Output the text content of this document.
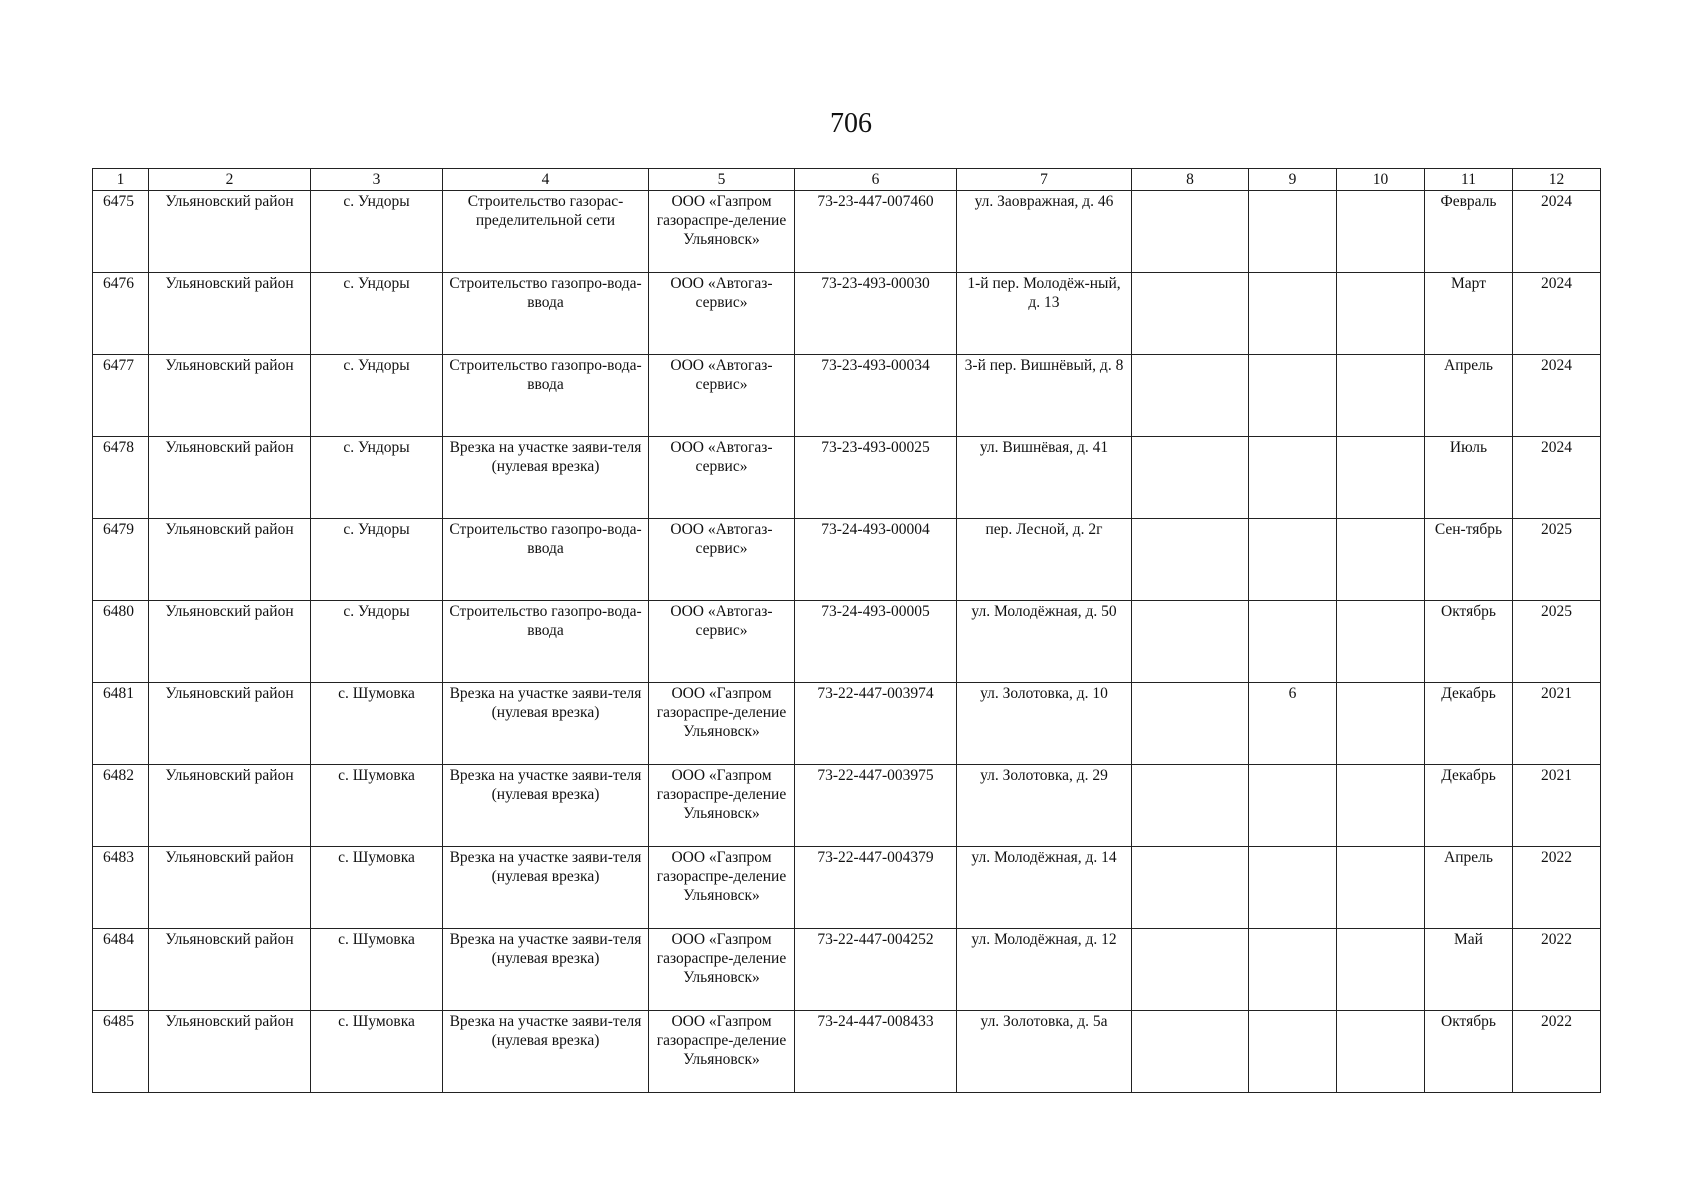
706
1	2	3	4	5	6	7	8	9	10	11	12
6475	Ульяновский район	с. Ундоры	Строительство газорас-пределительной сети	ООО «Газпром газораспре-деление Ульяновск»	73-23-447-007460	ул. Заовражная, д. 46				Февраль	2024
6476	Ульяновский район	с. Ундоры	Строительство газопро-вода-ввода	ООО «Автогаз-сервис»	73-23-493-00030	1-й пер. Молодёж-ный, д. 13				Март	2024
6477	Ульяновский район	с. Ундоры	Строительство газопро-вода-ввода	ООО «Автогаз-сервис»	73-23-493-00034	3-й пер. Вишнёвый, д. 8				Апрель	2024
6478	Ульяновский район	с. Ундоры	Врезка на участке заяви-теля (нулевая врезка)	ООО «Автогаз-сервис»	73-23-493-00025	ул. Вишнёвая, д. 41				Июль	2024
6479	Ульяновский район	с. Ундоры	Строительство газопро-вода-ввода	ООО «Автогаз-сервис»	73-24-493-00004	пер. Лесной, д. 2г				Сен-тябрь	2025
6480	Ульяновский район	с. Ундоры	Строительство газопро-вода-ввода	ООО «Автогаз-сервис»	73-24-493-00005	ул. Молодёжная, д. 50				Октябрь	2025
6481	Ульяновский район	с. Шумовка	Врезка на участке заяви-теля (нулевая врезка)	ООО «Газпром газораспре-деление Ульяновск»	73-22-447-003974	ул. Золотовка, д. 10		6		Декабрь	2021
6482	Ульяновский район	с. Шумовка	Врезка на участке заяви-теля (нулевая врезка)	ООО «Газпром газораспре-деление Ульяновск»	73-22-447-003975	ул. Золотовка, д. 29				Декабрь	2021
6483	Ульяновский район	с. Шумовка	Врезка на участке заяви-теля (нулевая врезка)	ООО «Газпром газораспре-деление Ульяновск»	73-22-447-004379	ул. Молодёжная, д. 14				Апрель	2022
6484	Ульяновский район	с. Шумовка	Врезка на участке заяви-теля (нулевая врезка)	ООО «Газпром газораспре-деление Ульяновск»	73-22-447-004252	ул. Молодёжная, д. 12				Май	2022
6485	Ульяновский район	с. Шумовка	Врезка на участке заяви-теля (нулевая врезка)	ООО «Газпром газораспре-деление Ульяновск»	73-24-447-008433	ул. Золотовка, д. 5а				Октябрь	2022
